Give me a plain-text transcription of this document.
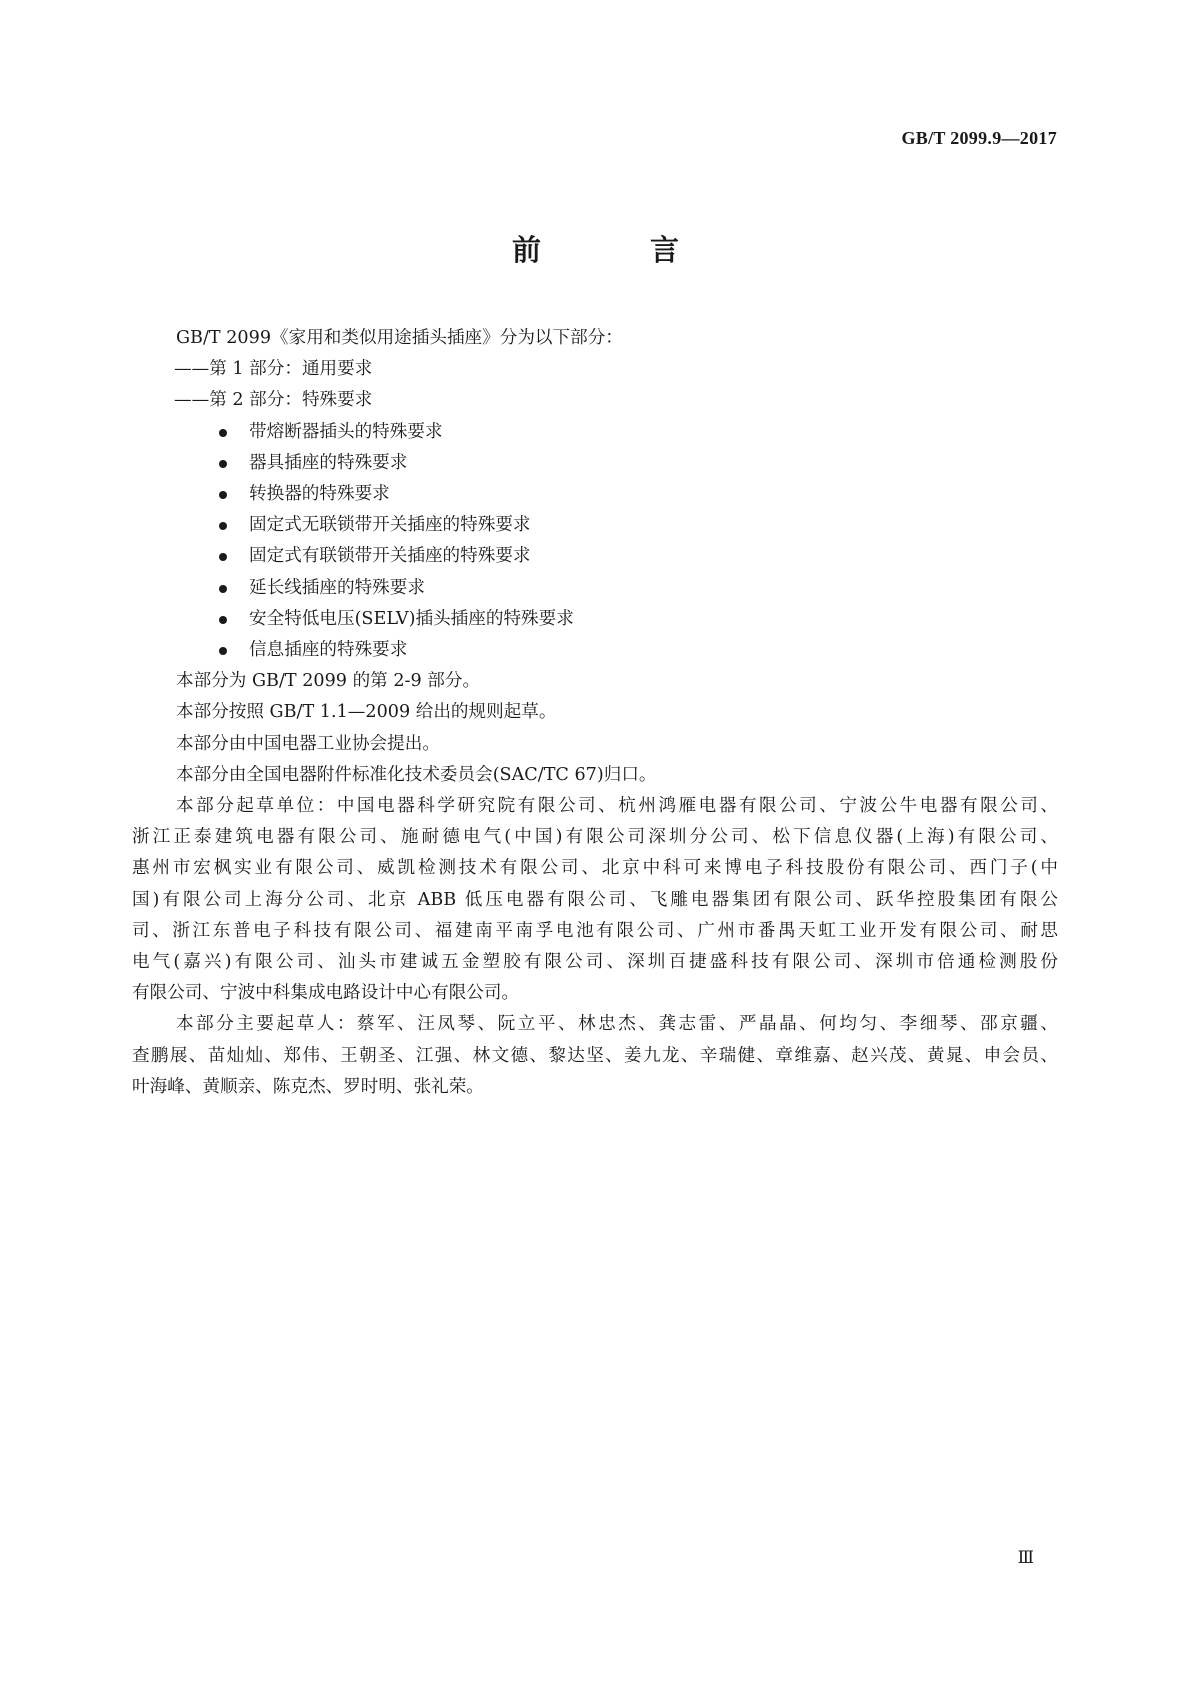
GB/T 2099.9—2017
前　言

GB/T 2099《家用和类似用途插头插座》分为以下部分：

——第 1 部分：通用要求

——第 2 部分：特殊要求

带熔断器插头的特殊要求
器具插座的特殊要求
转换器的特殊要求
固定式无联锁带开关插座的特殊要求
固定式有联锁带开关插座的特殊要求
延长线插座的特殊要求
安全特低电压(SELV)插头插座的特殊要求
信息插座的特殊要求

本部分为 GB/T 2099 的第 2-9 部分。

本部分按照 GB/T 1.1—2009 给出的规则起草。

本部分由中国电器工业协会提出。

本部分由全国电器附件标准化技术委员会(SAC/TC 67)归口。

本部分起草单位：中国电器科学研究院有限公司、杭州鸿雁电器有限公司、宁波公牛电器有限公司、

浙江正泰建筑电器有限公司、施耐德电气(中国)有限公司深圳分公司、松下信息仪器(上海)有限公司、

惠州市宏枫实业有限公司、威凯检测技术有限公司、北京中科可来博电子科技股份有限公司、西门子(中

国)有限公司上海分公司、北京 ABB 低压电器有限公司、飞雕电器集团有限公司、跃华控股集团有限公

司、浙江东普电子科技有限公司、福建南平南孚电池有限公司、广州市番禺天虹工业开发有限公司、耐思

电气(嘉兴)有限公司、汕头市建诚五金塑胶有限公司、深圳百捷盛科技有限公司、深圳市倍通检测股份

有限公司、宁波中科集成电路设计中心有限公司。

本部分主要起草人：蔡军、汪凤琴、阮立平、林忠杰、龚志雷、严晶晶、何均匀、李细琴、邵京疆、

查鹏展、苗灿灿、郑伟、王朝圣、江强、林文德、黎达坚、姜九龙、辛瑞健、章维嘉、赵兴茂、黄晁、申会员、

叶海峰、黄顺亲、陈克杰、罗时明、张礼荣。

Ⅲ
